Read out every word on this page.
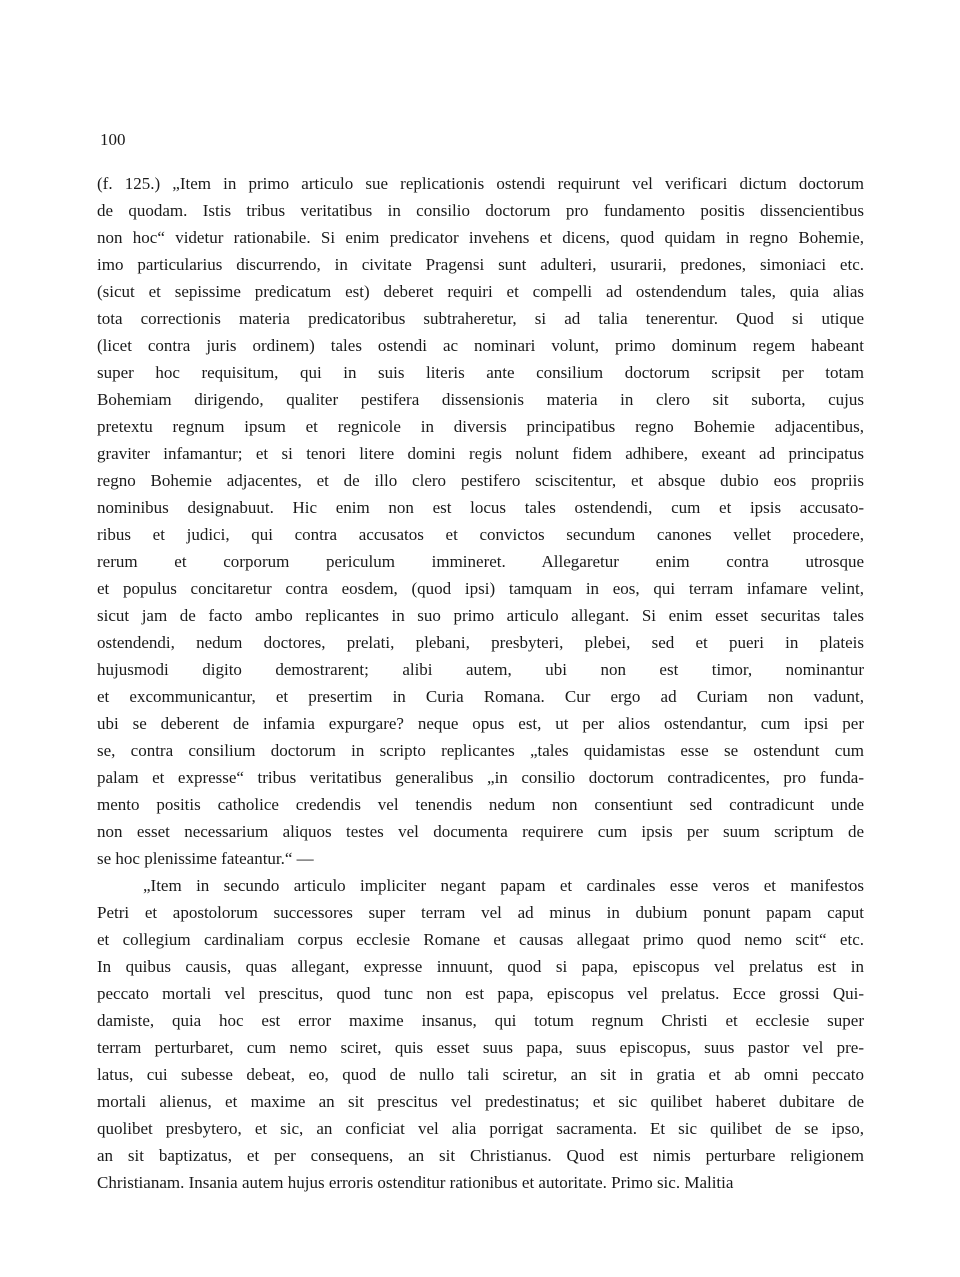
100
(f. 125.) „Item in primo articulo sue replicationis ostendi requirunt vel verificari dictum doctorum
de quodam. Istis tribus veritatibus in consilio doctorum pro fundamento positis dissencientibus
non hoc“ videtur rationabile. Si enim predicator invehens et dicens, quod quidam in regno Bohemie,
imo particularius discurrendo, in civitate Pragensi sunt adulteri, usurarii, predones, simoniaci etc.
(sicut et sepissime predicatum est) deberet requiri et compelli ad ostendendum tales, quia alias
tota correctionis materia predicatoribus subtraheretur, si ad talia tenerentur. Quod si utique
(licet contra juris ordinem) tales ostendi ac nominari volunt, primo dominum regem habeant
super hoc requisitum, qui in suis literis ante consilium doctorum scripsit per totam
Bohemiam dirigendo, qualiter pestifera dissensionis materia in clero sit suborta, cujus
pretextu regnum ipsum et regnicole in diversis principatibus regno Bohemie adjacentibus,
graviter infamantur; et si tenori litere domini regis nolunt fidem adhibere, exeant ad principatus
regno Bohemie adjacentes, et de illo clero pestifero sciscitentur, et absque dubio eos propriis
nominibus designabuut. Hic enim non est locus tales ostendendi, cum et ipsis accusato-
ribus et judici, qui contra accusatos et convictos secundum canones vellet procedere,
rerum et corporum periculum immineret. Allegaretur enim contra utrosque
et populus concitaretur contra eosdem, (quod ipsi) tamquam in eos, qui terram infamare velint,
sicut jam de facto ambo replicantes in suo primo articulo allegant. Si enim esset securitas tales
ostendendi, nedum doctores, prelati, plebani, presbyteri, plebei, sed et pueri in plateis
hujusmodi digito demostrarent; alibi autem, ubi non est timor, nominantur
et excommunicantur, et presertim in Curia Romana. Cur ergo ad Curiam non vadunt,
ubi se deberent de infamia expurgare? neque opus est, ut per alios ostendantur, cum ipsi per
se, contra consilium doctorum in scripto replicantes „tales quidamistas esse se ostendunt cum
palam et expresse“ tribus veritatibus generalibus „in consilio doctorum contradicentes, pro funda-
mento positis catholice credendis vel tenendis nedum non consentiunt sed contradicunt unde
non esset necessarium aliquos testes vel documenta requirere cum ipsis per suum scriptum de
se hoc plenissime fateantur.“ —
„Item in secundo articulo impliciter negant papam et cardinales esse veros et manifestos
Petri et apostolorum successores super terram vel ad minus in dubium ponunt papam caput
et collegium cardinaliam corpus ecclesie Romane et causas allegaat primo quod nemo scit“ etc.
In quibus causis, quas allegant, expresse innuunt, quod si papa, episcopus vel prelatus est in
peccato mortali vel prescitus, quod tunc non est papa, episcopus vel prelatus. Ecce grossi Qui-
damiste, quia hoc est error maxime insanus, qui totum regnum Christi et ecclesie super
terram perturbaret, cum nemo sciret, quis esset suus papa, suus episcopus, suus pastor vel pre-
latus, cui subesse debeat, eo, quod de nullo tali sciretur, an sit in gratia et ab omni peccato
mortali alienus, et maxime an sit prescitus vel predestinatus; et sic quilibet haberet dubitare de
quolibet presbytero, et sic, an conficiat vel alia porrigat sacramenta. Et sic quilibet de se ipso,
an sit baptizatus, et per consequens, an sit Christianus. Quod est nimis perturbare religionem
Christianam. Insania autem hujus erroris ostenditur rationibus et autoritate. Primo sic. Malitia
